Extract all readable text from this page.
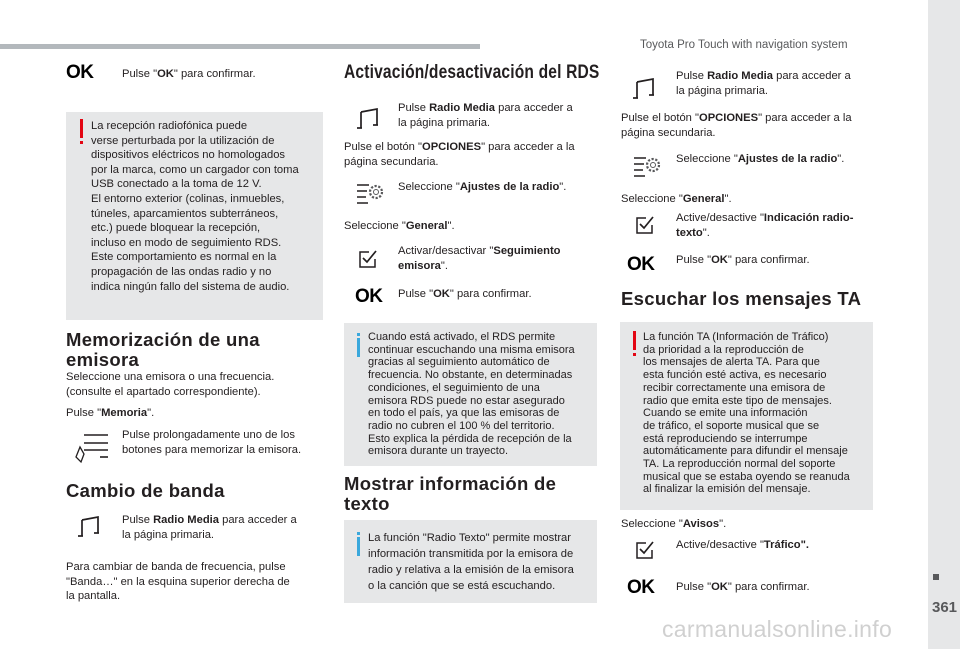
Toyota Pro Touch with navigation system
361
carmanualsonline.info
OK	Pulse "OK" para confirmar.
La recepción radiofónica puede
verse perturbada por la utilización de
dispositivos eléctricos no homologados
por la marca, como un cargador con toma
USB conectado a la toma de 12 V.
El entorno exterior (colinas, inmuebles,
túneles, aparcamientos subterráneos,
etc.) puede bloquear la recepción,
incluso en modo de seguimiento RDS.
Este comportamiento es normal en la
propagación de las ondas radio y no
indica ningún fallo del sistema de audio.
Memorización de una
emisora
Seleccione una emisora o una frecuencia.
(consulte el apartado correspondiente).
Pulse "Memoria".
Pulse prolongadamente uno de los
botones para memorizar la emisora.
Cambio de banda
Pulse Radio Media para acceder a
la página primaria.
Para cambiar de banda de frecuencia, pulse
"Banda…" en la esquina superior derecha de
la pantalla.
Activación/desactivación del RDS
Pulse Radio Media para acceder a
la página primaria.
Pulse el botón "OPCIONES" para acceder a la
página secundaria.
Seleccione "Ajustes de la radio".
Seleccione "General".
Activar/desactivar "Seguimiento
emisora".
OK Pulse "OK" para confirmar.
Cuando está activado, el RDS permite
continuar escuchando una misma emisora
gracias al seguimiento automático de
frecuencia. No obstante, en determinadas
condiciones, el seguimiento de una
emisora RDS puede no estar asegurado
en todo el país, ya que las emisoras de
radio no cubren el 100 % del territorio.
Esto explica la pérdida de recepción de la
emisora durante un trayecto.
Mostrar información de
texto
La función "Radio Texto" permite mostrar
información transmitida por la emisora de
radio y relativa a la emisión de la emisora
o la canción que se está escuchando.
Pulse Radio Media para acceder a
la página primaria.
Pulse el botón "OPCIONES" para acceder a la
página secundaria.
Seleccione "Ajustes de la radio".
Seleccione "General".
Active/desactive "Indicación radio-
texto".
OK Pulse "OK" para confirmar.
Escuchar los mensajes TA
La función TA (Información de Tráfico)
da prioridad a la reproducción de
los mensajes de alerta TA. Para que
esta función esté activa, es necesario
recibir correctamente una emisora de
radio que emita este tipo de mensajes.
Cuando se emite una información
de tráfico, el soporte musical que se
está reproduciendo se interrumpe
automáticamente para difundir el mensaje
TA. La reproducción normal del soporte
musical que se estaba oyendo se reanuda
al finalizar la emisión del mensaje.
Seleccione "Avisos".
Active/desactive "Tráfico".
OK Pulse "OK" para confirmar.
